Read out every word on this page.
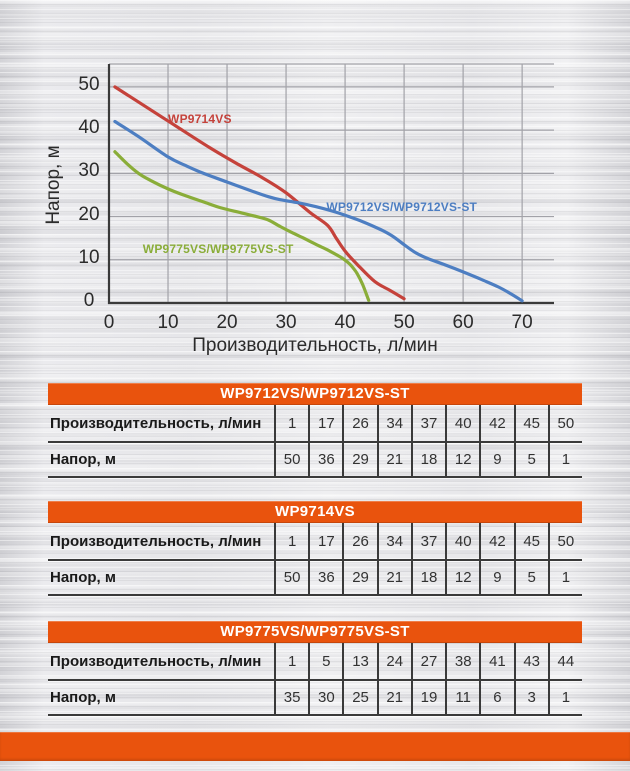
Напор, м
Производительность, л/мин
0 10 20 30 40 50 60 70
0
10
20
30
40
50
WP9714VS
WP9712VS/WP9712VS-ST
WP9775VS/WP9775VS-ST
WP9712VS/WP9712VS-ST
Производительность, л/мин	1	17	26	34	37	40	42	45	50
Напор, м	50	36	29	21	18	12	9	5	1
WP9714VS
Производительность, л/мин	1	17	26	34	37	40	42	45	50
Напор, м	50	36	29	21	18	12	9	5	1
WP9775VS/WP9775VS-ST
Производительность, л/мин	1	5	13	24	27	38	41	43	44
Напор, м	35	30	25	21	19	11	6	3	1
